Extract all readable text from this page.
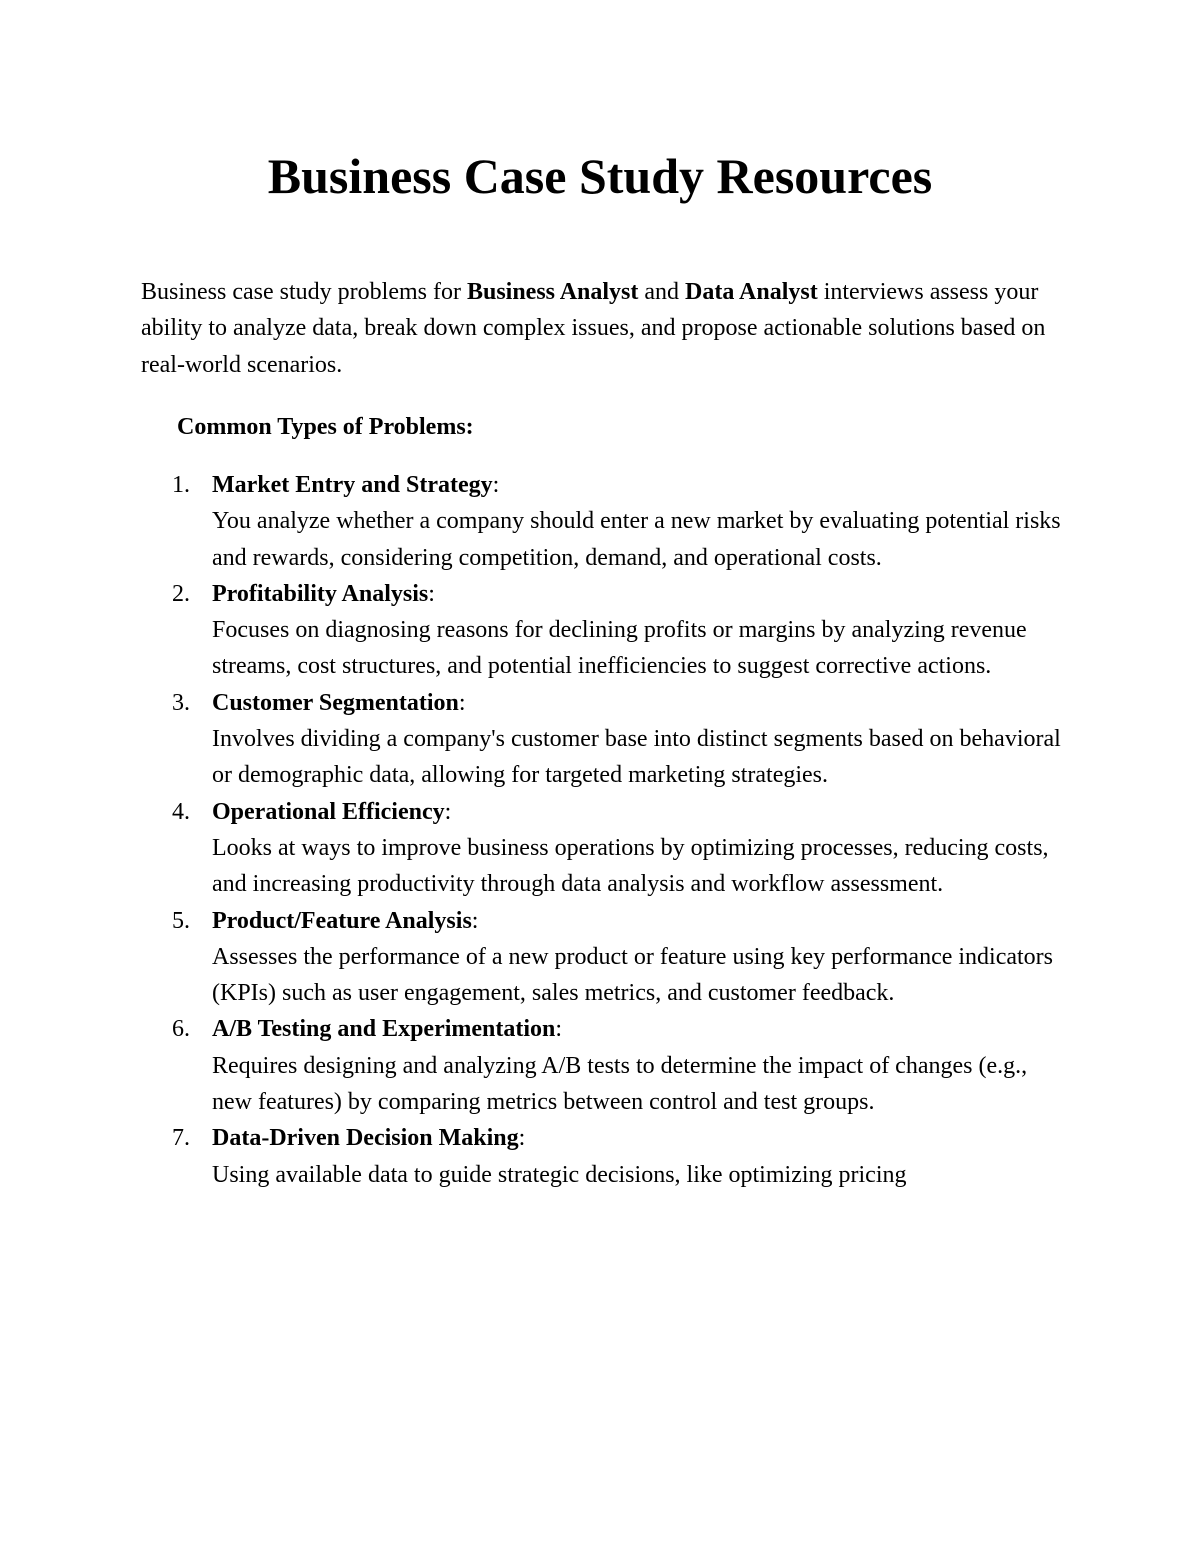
Business Case Study Resources

Business case study problems for Business Analyst and Data Analyst interviews assess your ability to analyze data, break down complex issues, and propose actionable solutions based on real-world scenarios.

Common Types of Problems:

1. Market Entry and Strategy:
You analyze whether a company should enter a new market by evaluating potential risks and rewards, considering competition, demand, and operational costs.
2. Profitability Analysis:
Focuses on diagnosing reasons for declining profits or margins by analyzing revenue streams, cost structures, and potential inefficiencies to suggest corrective actions.
3. Customer Segmentation:
Involves dividing a company's customer base into distinct segments based on behavioral or demographic data, allowing for targeted marketing strategies.
4. Operational Efficiency:
Looks at ways to improve business operations by optimizing processes, reducing costs, and increasing productivity through data analysis and workflow assessment.
5. Product/Feature Analysis:
Assesses the performance of a new product or feature using key performance indicators (KPIs) such as user engagement, sales metrics, and customer feedback.
6. A/B Testing and Experimentation:
Requires designing and analyzing A/B tests to determine the impact of changes (e.g., new features) by comparing metrics between control and test groups.
7. Data-Driven Decision Making:
Using available data to guide strategic decisions, like optimizing pricing
